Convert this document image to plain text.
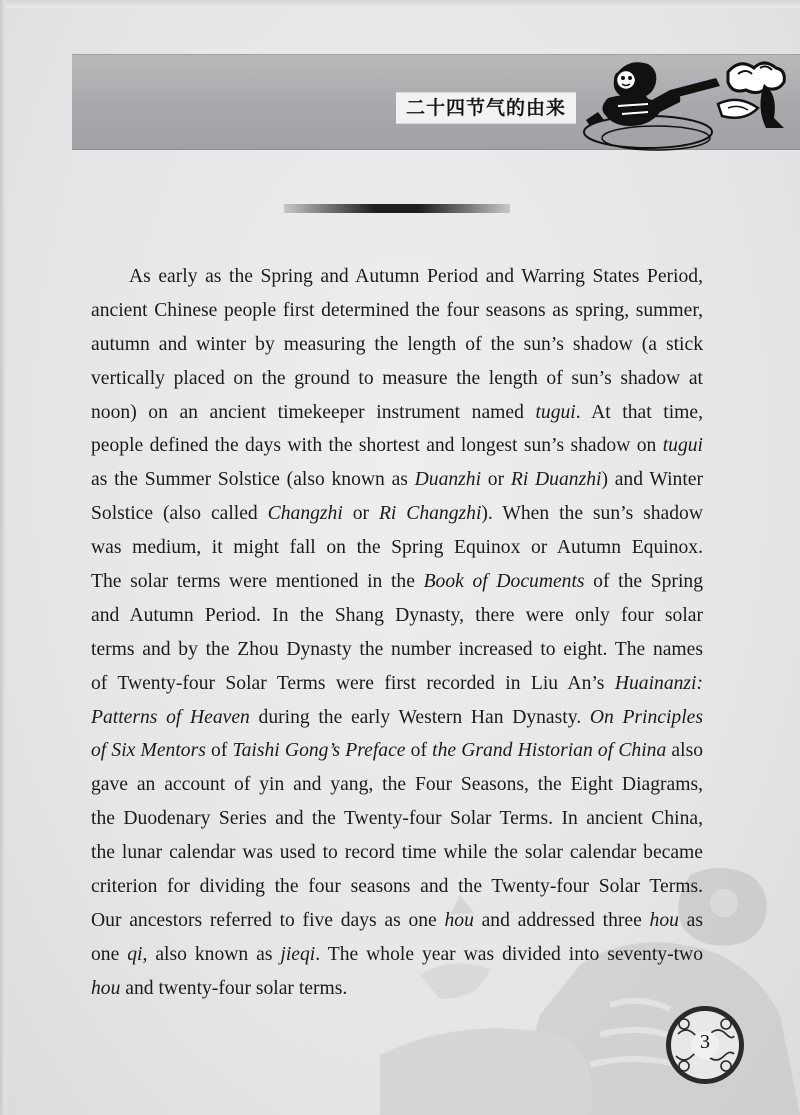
二十四节气的由来
As early as the Spring and Autumn Period and Warring States Period,
ancient Chinese people first determined the four seasons as spring, summer,
autumn and winter by measuring the length of the sun’s shadow (a stick
vertically placed on the ground to measure the length of sun’s shadow at
noon) on an ancient timekeeper instrument named tugui. At that time,
people defined the days with the shortest and longest sun’s shadow on tugui
as the Summer Solstice (also known as Duanzhi or Ri Duanzhi) and Winter
Solstice (also called Changzhi or Ri Changzhi). When the sun’s shadow
was medium, it might fall on the Spring Equinox or Autumn Equinox.
The solar terms were mentioned in the Book of Documents of the Spring
and Autumn Period. In the Shang Dynasty, there were only four solar
terms and by the Zhou Dynasty the number increased to eight. The names
of Twenty-four Solar Terms were first recorded in Liu An’s Huainanzi:
Patterns of Heaven during the early Western Han Dynasty. On Principles
of Six Mentors of Taishi Gong’s Preface of the Grand Historian of China also
gave an account of yin and yang, the Four Seasons, the Eight Diagrams,
the Duodenary Series and the Twenty-four Solar Terms. In ancient China,
the lunar calendar was used to record time while the solar calendar became
criterion for dividing the four seasons and the Twenty-four Solar Terms.
Our ancestors referred to five days as one hou and addressed three hou as
one qi, also known as jieqi. The whole year was divided into seventy-two
hou and twenty-four solar terms.
3
